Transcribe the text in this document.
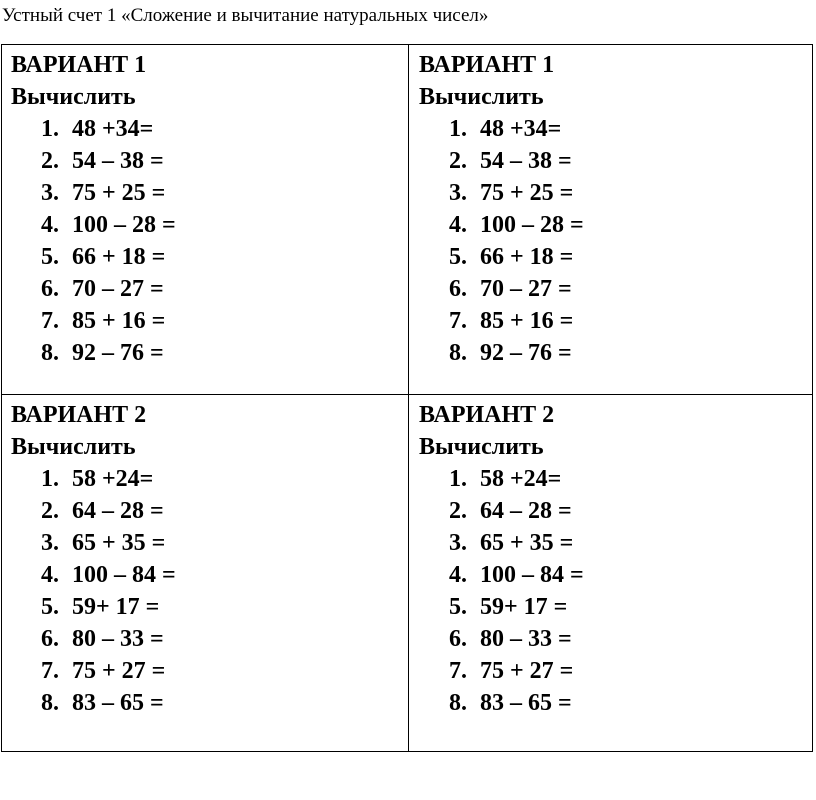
Устный счет 1 «Сложение и вычитание натуральных чисел»
ВАРИАНТ 1
Вычислить
1. 48 +34=
2. 54 – 38 =
3. 75 + 25 =
4. 100 – 28 =
5. 66 + 18 =
6. 70 – 27 =
7. 85 + 16 =
8. 92 – 76 =
ВАРИАНТ 1
Вычислить
1. 48 +34=
2. 54 – 38 =
3. 75 + 25 =
4. 100 – 28 =
5. 66 + 18 =
6. 70 – 27 =
7. 85 + 16 =
8. 92 – 76 =
ВАРИАНТ 2
Вычислить
1. 58 +24=
2. 64 – 28 =
3. 65 + 35 =
4. 100 – 84 =
5. 59+ 17 =
6. 80 – 33 =
7. 75 + 27 =
8. 83 – 65 =
ВАРИАНТ 2
Вычислить
1. 58 +24=
2. 64 – 28 =
3. 65 + 35 =
4. 100 – 84 =
5. 59+ 17 =
6. 80 – 33 =
7. 75 + 27 =
8. 83 – 65 =
